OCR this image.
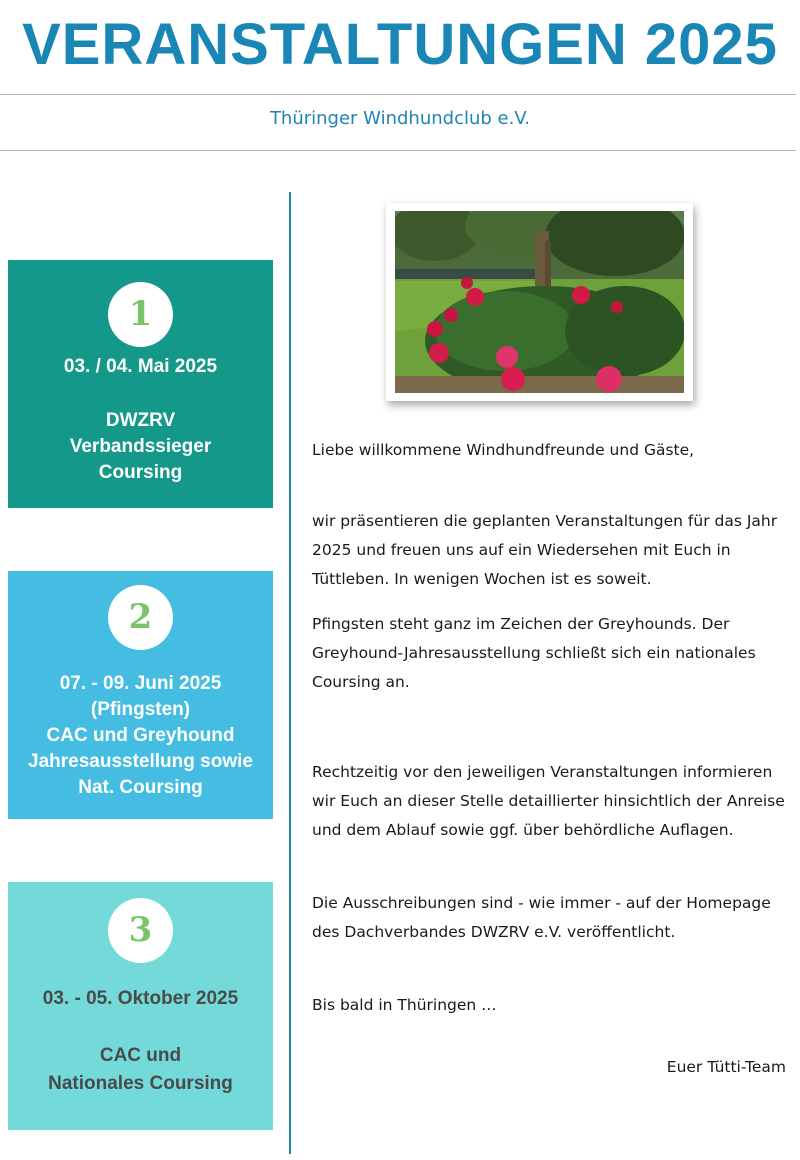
VERANSTALTUNGEN 2025
Thüringer Windhundclub e.V.
1
03. / 04. Mai 2025
DWZRV
Verbandssieger
Coursing
2
07. - 09. Juni 2025
(Pfingsten)
CAC und Greyhound
Jahresausstellung sowie
Nat. Coursing
3
03. - 05. Oktober 2025
CAC und
Nationales Coursing
Liebe willkommene Windhundfreunde und Gäste,
wir präsentieren die geplanten Veranstaltungen für das Jahr 2025 und freuen uns auf ein Wiedersehen mit Euch in Tüttleben. In wenigen Wochen ist es soweit.
Pfingsten steht ganz im Zeichen der Greyhounds. Der Greyhound-Jahresausstellung schließt sich ein nationales Coursing an.
Rechtzeitig vor den jeweiligen Veranstaltungen informieren wir Euch an dieser Stelle detaillierter hinsichtlich der Anreise und dem Ablauf sowie ggf. über behördliche Auflagen.
Die Ausschreibungen sind - wie immer - auf der Homepage des Dachverbandes DWZRV e.V. veröffentlicht.
Bis bald in Thüringen …
Euer Tütti-Team
